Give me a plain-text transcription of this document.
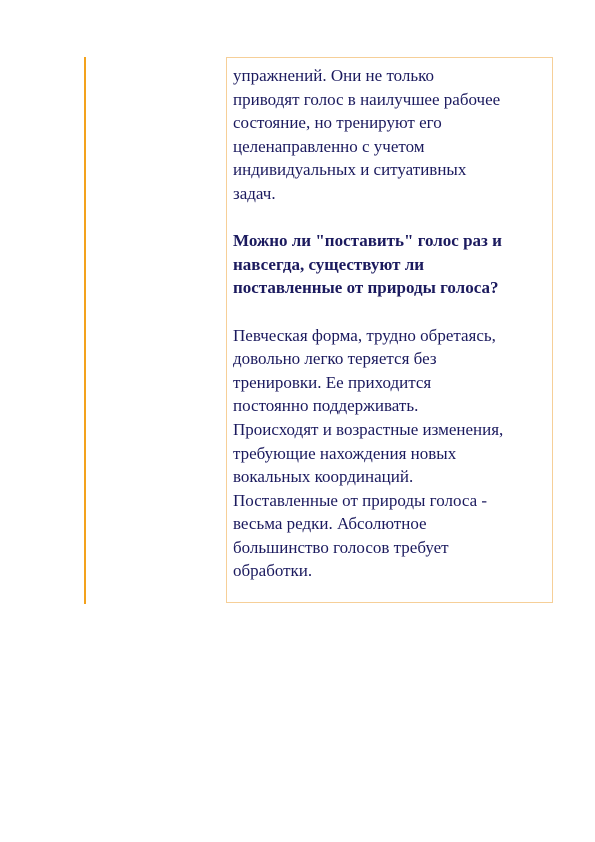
упражнений. Они не только
приводят голос в наилучшее рабочее
состояние, но тренируют его
целенаправленно с учетом
индивидуальных и ситуативных
задач.

Можно ли "поставить" голос раз и
навсегда, существуют ли
поставленные от природы голоса?

Певческая форма, трудно обретаясь,
довольно легко теряется без
тренировки. Ее приходится
постоянно поддерживать.
Происходят и возрастные изменения,
требующие нахождения новых
вокальных координаций.
Поставленные от природы голоса -
весьма редки. Абсолютное
большинство голосов требует
обработки.
